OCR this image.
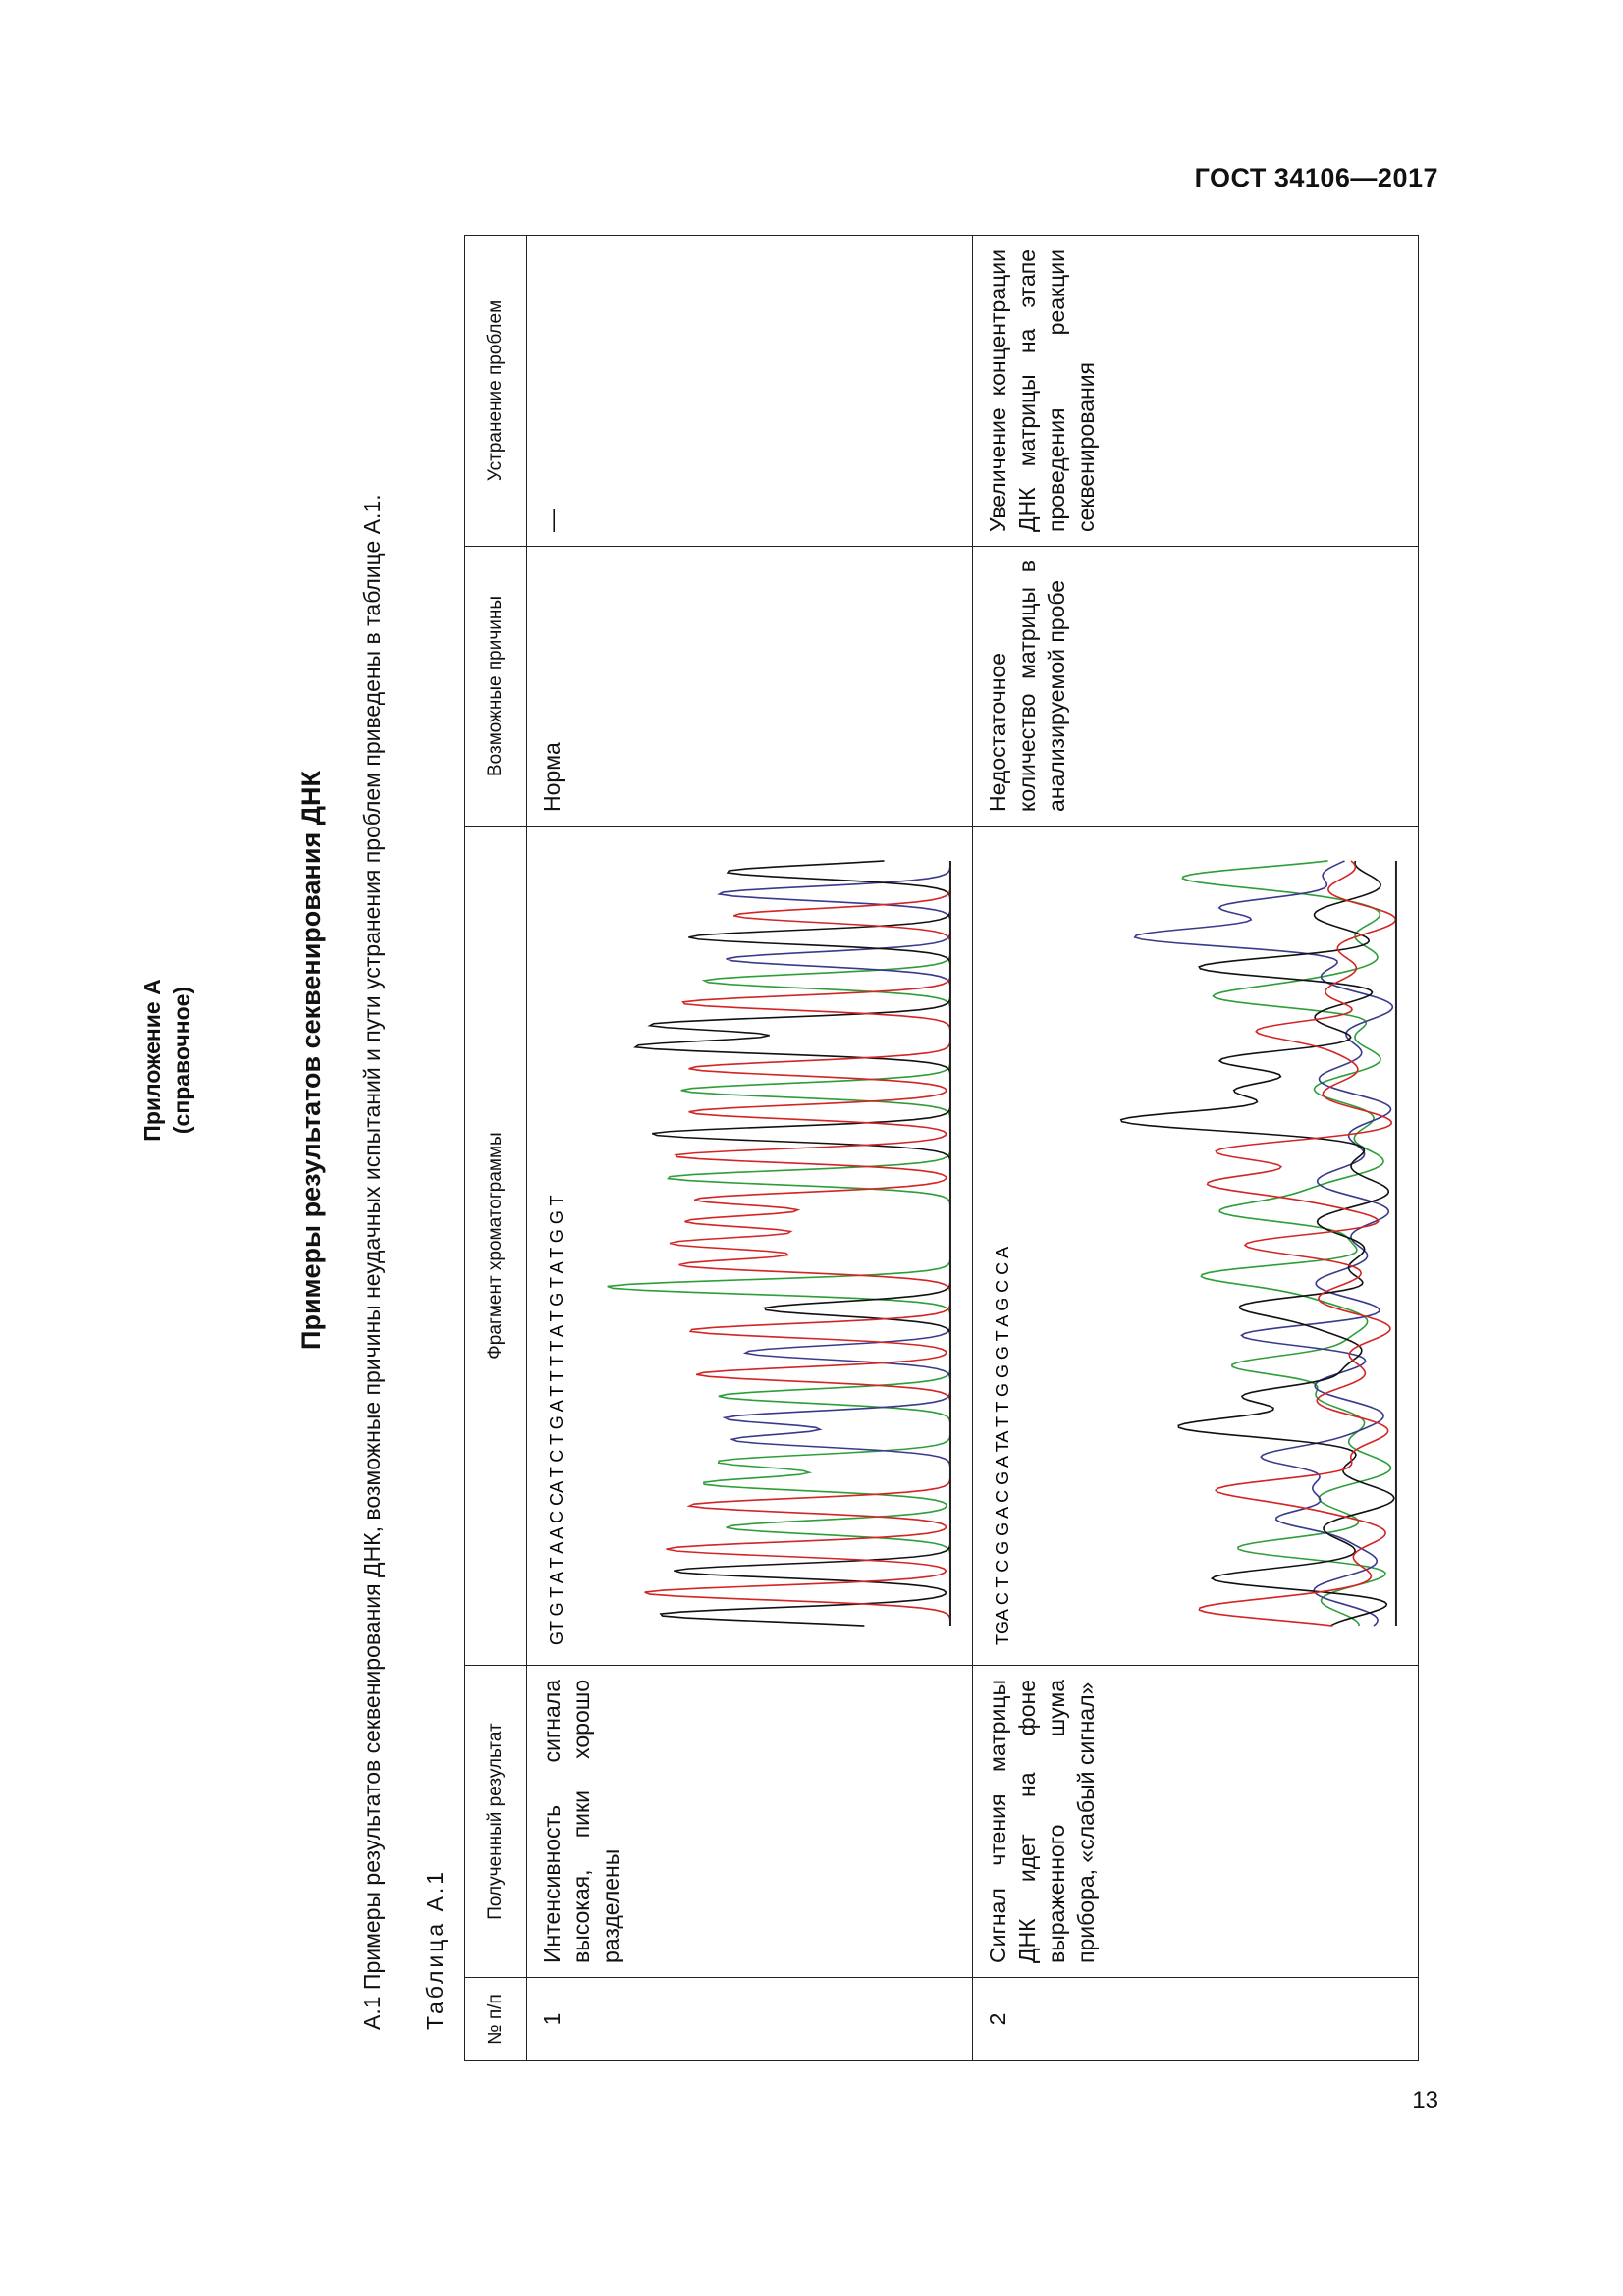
ГОСТ 34106—2017
13
Приложение А (справочное)	Примеры результатов секвенирования ДНК А.1 Примеры результатов секвенирования ДНК, возможные причины неудачных испытаний и пути устранения проблем приведены в таблице А.1. Таблица А.1 № п/п	Полученный результат	Фрагмент хроматограммы	Возможные причины	Устранение проблем
1	Интенсивность сигнала высокая, пики хорошо разделены	GT G T A T A A C CA T C T G A T T T T A T G T A T G G T	Норма	—
2	Сигнал чтения матрицы ДНК идет на фоне выраженного шума прибора, «слабый сигнал»	TGA C T C G G A C G A TA T T G G G T A G C C A	Недостаточное количество матрицы в анализируемой пробе	Увеличение концентрации ДНК матрицы на этапе проведения реакции секвенирования
